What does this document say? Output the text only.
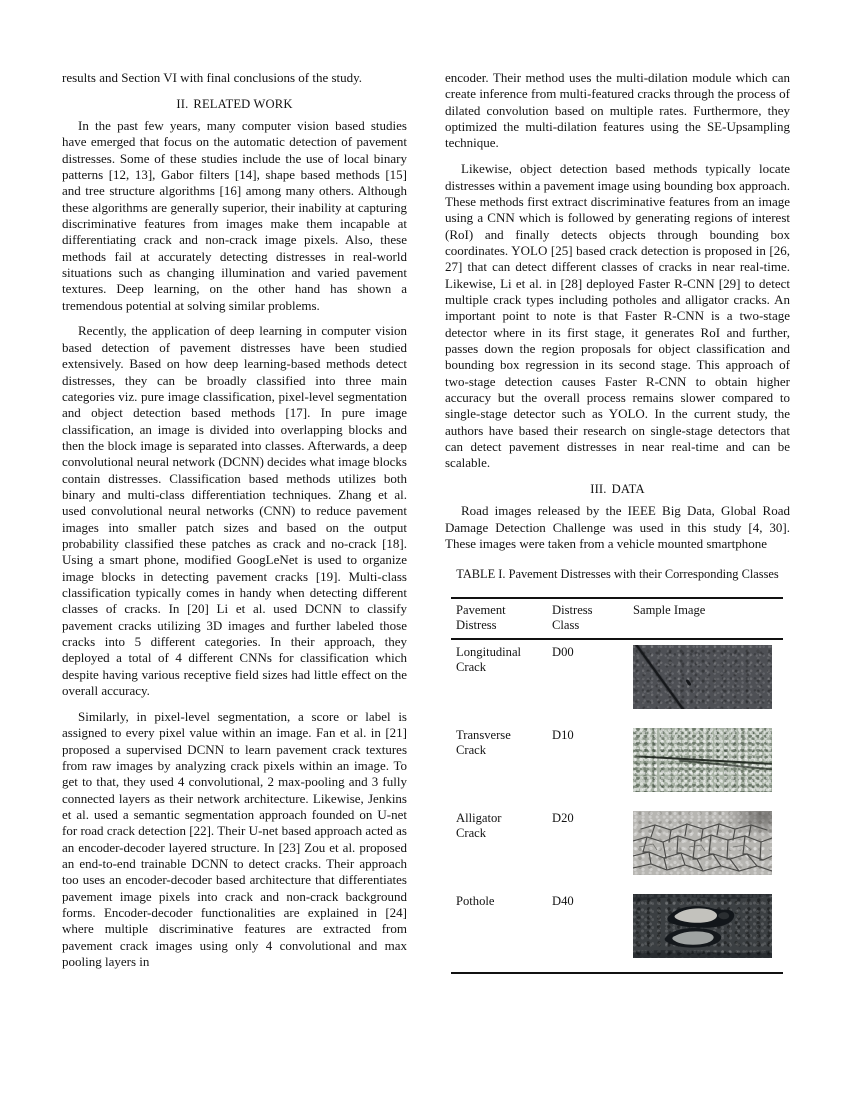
results and Section VI with final conclusions of the study.

II. RELATED WORK

In the past few years, many computer vision based studies have emerged that focus on the automatic detection of pavement distresses. Some of these studies include the use of local binary patterns [12, 13], Gabor filters [14], shape based methods [15] and tree structure algorithms [16] among many others. Although these algorithms are generally superior, their inability at capturing discriminative features from images make them incapable at differentiating crack and non-crack image pixels. Also, these methods fail at accurately detecting distresses in real-world situations such as changing illumination and varied pavement textures. Deep learning, on the other hand has shown a tremendous potential at solving similar problems.

Recently, the application of deep learning in computer vision based detection of pavement distresses have been studied extensively. Based on how deep learning-based methods detect distresses, they can be broadly classified into three main categories viz. pure image classification, pixel-level segmentation and object detection based methods [17]. In pure image classification, an image is divided into overlapping blocks and then the block image is separated into classes. Afterwards, a deep convolutional neural network (DCNN) decides what image blocks contain distresses. Classification based methods utilizes both binary and multi-class differentiation techniques. Zhang et al. used convolutional neural networks (CNN) to reduce pavement images into smaller patch sizes and based on the output probability classified these patches as crack and no-crack [18]. Using a smart phone, modified GoogLeNet is used to organize image blocks in detecting pavement cracks [19]. Multi-class classification typically comes in handy when detecting different classes of cracks. In [20] Li et al. used DCNN to classify pavement cracks utilizing 3D images and further labeled those cracks into 5 different categories. In their approach, they deployed a total of 4 different CNNs for classification which despite having various receptive field sizes had little effect on the overall accuracy.

Similarly, in pixel-level segmentation, a score or label is assigned to every pixel value within an image. Fan et al. in [21] proposed a supervised DCNN to learn pavement crack textures from raw images by analyzing crack pixels within an image. To get to that, they used 4 convolutional, 2 max-pooling and 3 fully connected layers as their network architecture. Likewise, Jenkins et al. used a semantic segmentation approach founded on U-net for road crack detection [22]. Their U-net based approach acted as an encoder-decoder layered structure. In [23] Zou et al. proposed an end-to-end trainable DCNN to detect cracks. Their approach too uses an encoder-decoder based architecture that differentiates pavement image pixels into crack and non-crack background forms. Encoder-decoder functionalities are explained in [24] where multiple discriminative features are extracted from pavement crack images using only 4 convolutional and max pooling layers in

encoder. Their method uses the multi-dilation module which can create inference from multi-featured cracks through the process of dilated convolution based on multiple rates. Furthermore, they optimized the multi-dilation features using the SE-Upsampling technique.

Likewise, object detection based methods typically locate distresses within a pavement image using bounding box approach. These methods first extract discriminative features from an image using a CNN which is followed by generating regions of interest (RoI) and finally detects objects through bounding box coordinates. YOLO [25] based crack detection is proposed in [26, 27] that can detect different classes of cracks in near real-time. Likewise, Li et al. in [28] deployed Faster R-CNN [29] to detect multiple crack types including potholes and alligator cracks. An important point to note is that Faster R-CNN is a two-stage detector where in its first stage, it generates RoI and further, passes down the region proposals for object classification and bounding box regression in its second stage. This approach of two-stage detection causes Faster R-CNN to obtain higher accuracy but the overall process remains slower compared to single-stage detector such as YOLO. In the current study, the authors have based their research on single-stage detectors that can detect pavement distresses in near real-time and can be scalable.

III. DATA

Road images released by the IEEE Big Data, Global Road Damage Detection Challenge was used in this study [4, 30]. These images were taken from a vehicle mounted smartphone

TABLE I. Pavement Distresses with their Corresponding Classes
Pavement
Distress	Distress
Class	Sample Image

Longitudinal
Crack	D00	

Transverse
Crack	D10	

Alligator
Crack	D20

Pothole	D40
